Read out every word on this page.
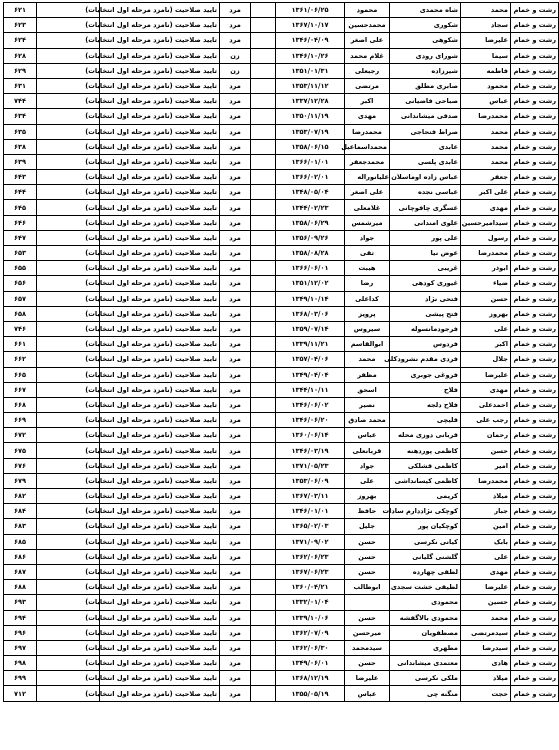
رشت و خمام	محمد	شاه محمدی	محمود	۱۳۶۱/۰۶/۲۵		مرد	تایید صلاحیت (نامزد مرحله اول انتخابات)		۶۲۱
رشت و خمام	سجاد	شکوری	محمدحسین	۱۳۶۷/۱۰/۱۷		مرد	تایید صلاحیت (نامزد مرحله اول انتخابات)		۶۲۳
رشت و خمام	علیرضا	شکوهی	علی اصغر	۱۳۴۶/۰۴/۰۹		مرد	تایید صلاحیت (نامزد مرحله اول انتخابات)		۶۲۴
رشت و خمام	سیما	شورای رودی	غلام محمد	۱۳۴۶/۱۰/۲۶		زن	تایید صلاحیت (نامزد مرحله اول انتخابات)		۶۲۸
رشت و خمام	فاطمه	شیرزاده	رجبعلی	۱۳۵۱/۰۱/۳۱		زن	تایید صلاحیت (نامزد مرحله اول انتخابات)		۶۲۹
رشت و خمام	محمود	صابری مطلق	مرتضی	۱۳۵۳/۱۱/۱۲		مرد	تایید صلاحیت (نامزد مرحله اول انتخابات)		۶۳۱
رشت و خمام	عباس	صباحی فاضیانی	اکبر	۱۳۳۷/۱۲/۲۸		مرد	تایید صلاحیت (نامزد مرحله اول انتخابات)		۷۴۴
رشت و خمام	محمدرضا	صدقی میشاندانی	مهدی	۱۳۵۰/۱۱/۱۹		مرد	تایید صلاحیت (نامزد مرحله اول انتخابات)		۶۳۴
رشت و خمام	محمد	صراط فتحاجی	محمدرضا	۱۳۵۳/۰۷/۱۹		مرد	تایید صلاحیت (نامزد مرحله اول انتخابات)		۶۳۵
رشت و خمام	محمد	عابدی	محمداسماعیل	۱۳۵۸/۰۶/۱۵		مرد	تایید صلاحیت (نامزد مرحله اول انتخابات)		۶۳۸
رشت و خمام	محمد	عابدی پلسی	محمدجعفر	۱۳۶۶/۰۱/۰۱		مرد	تایید صلاحیت (نامزد مرحله اول انتخابات)		۶۳۹
رشت و خمام	جعفر	عباس زاده اوماسلان علیا	نوراله	۱۳۶۶/۰۲/۰۱		مرد	تایید صلاحیت (نامزد مرحله اول انتخابات)		۶۴۳
رشت و خمام	علی اکبر	عباسی نجده	علی اصغر	۱۳۴۸/۰۵/۰۴		مرد	تایید صلاحیت (نامزد مرحله اول انتخابات)		۶۴۴
رشت و خمام	مهدی	عسگری چافوچانی	غلامعلی	۱۳۴۴/۰۲/۲۳		مرد	تایید صلاحیت (نامزد مرحله اول انتخابات)		۶۴۵
رشت و خمام	سیدامیرحسین	علوی امندانی	میرشمس	۱۳۵۸/۰۶/۲۹		مرد	تایید صلاحیت (نامزد مرحله اول انتخابات)		۶۴۶
رشت و خمام	رسول	علی پور	جواد	۱۳۵۶/۰۹/۲۶		مرد	تایید صلاحیت (نامزد مرحله اول انتخابات)		۶۴۷
رشت و خمام	محمدرضا	عوض نیا	تقی	۱۳۵۸/۰۸/۲۸		مرد	تایید صلاحیت (نامزد مرحله اول انتخابات)		۶۵۳
رشت و خمام	ابوذر	غریبی	هیبت	۱۳۶۶/۰۶/۰۱		مرد	تایید صلاحیت (نامزد مرحله اول انتخابات)		۶۵۵
رشت و خمام	ضیاء	غیوری کودهی	رضا	۱۳۵۱/۱۲/۰۲		مرد	تایید صلاحیت (نامزد مرحله اول انتخابات)		۶۵۶
رشت و خمام	حسن	فتحی نژاد	کداعلی	۱۳۴۹/۱۰/۱۴		مرد	تایید صلاحیت (نامزد مرحله اول انتخابات)		۶۵۷
رشت و خمام	بهروز	فتح پیشی	پرویز	۱۳۶۸/۰۳/۰۶		مرد	تایید صلاحیت (نامزد مرحله اول انتخابات)		۶۵۸
رشت و خمام	علی	فرجودمانسوله	سیروس	۱۳۵۹/۰۷/۱۴		مرد	تایید صلاحیت (نامزد مرحله اول انتخابات)		۷۴۶
رشت و خمام	اکبر	فردوس	ابوالقاسم	۱۳۳۹/۱۱/۲۱		مرد	تایید صلاحیت (نامزد مرحله اول انتخابات)		۶۶۱
رشت و خمام	جلال	فردی مقدم نشرودکلی	محمد	۱۳۵۷/۰۴/۰۶		مرد	تایید صلاحیت (نامزد مرحله اول انتخابات)		۶۶۲
رشت و خمام	علیرضا	فروغی جوبری	مظفر	۱۳۴۹/۰۴/۰۴		مرد	تایید صلاحیت (نامزد مرحله اول انتخابات)		۶۶۵
رشت و خمام	مهدی	فلاح	اسحق	۱۳۴۴/۱۰/۱۱		مرد	تایید صلاحیت (نامزد مرحله اول انتخابات)		۶۶۷
رشت و خمام	احمدعلی	فلاح دلجه	نصیر	۱۳۴۶/۰۶/۰۲		مرد	تایید صلاحیت (نامزد مرحله اول انتخابات)		۶۶۸
رشت و خمام	رجب علی	قلیچی	محمد صادق	۱۳۴۶/۰۶/۲۰		مرد	تایید صلاحیت (نامزد مرحله اول انتخابات)		۶۶۹
رشت و خمام	رحمان	قربانی دوزی محله	عباس	۱۳۶۰/۰۶/۱۴		مرد	تایید صلاحیت (نامزد مرحله اول انتخابات)		۶۷۲
رشت و خمام	حسن	کاظمی پوردهنه	قربانعلی	۱۳۴۶/۰۳/۱۹		مرد	تایید صلاحیت (نامزد مرحله اول انتخابات)		۶۷۵
رشت و خمام	امیر	کاظمی قشلکی	جواد	۱۳۷۱/۰۵/۲۳		مرد	تایید صلاحیت (نامزد مرحله اول انتخابات)		۶۷۶
رشت و خمام	محمدرضا	کاظمی کیسانداشی	علی	۱۳۵۳/۰۶/۰۹		مرد	تایید صلاحیت (نامزد مرحله اول انتخابات)		۶۷۹
رشت و خمام	میلاد	کریمی	بهروز	۱۳۶۷/۰۳/۱۱		مرد	تایید صلاحیت (نامزد مرحله اول انتخابات)		۶۸۲
رشت و خمام	جبار	کوچکی نژاددارم سادات	حافظ	۱۳۴۶/۰۱/۰۱		مرد	تایید صلاحیت (نامزد مرحله اول انتخابات)		۶۸۴
رشت و خمام	امین	کوچکیان پور	جلیل	۱۳۶۵/۰۲/۰۳		مرد	تایید صلاحیت (نامزد مرحله اول انتخابات)		۶۸۳
رشت و خمام	بابک	کیانی نکرسی	حسن	۱۳۷۱/۰۹/۰۲		مرد	تایید صلاحیت (نامزد مرحله اول انتخابات)		۶۸۵
رشت و خمام	علی	گلشنی گلیانی	حسن	۱۳۶۲/۰۶/۲۳		مرد	تایید صلاحیت (نامزد مرحله اول انتخابات)		۶۸۶
رشت و خمام	مهدی	لطفی چهارده	حسن	۱۳۶۷/۰۶/۲۳		مرد	تایید صلاحیت (نامزد مرحله اول انتخابات)		۶۸۷
رشت و خمام	علیرضا	لطیفی خشت سجدی	ابوطالب	۱۳۶۰/۰۴/۲۱		مرد	تایید صلاحیت (نامزد مرحله اول انتخابات)		۶۸۸
رشت و خمام	حسین	محمودی		۱۳۳۲/۰۱/۰۴		مرد	تایید صلاحیت (نامزد مرحله اول انتخابات)		۶۹۳
رشت و خمام	محمد	محمودی بالاگفشه	حسن	۱۳۳۹/۱۰/۰۶		مرد	تایید صلاحیت (نامزد مرحله اول انتخابات)		۶۹۴
رشت و خمام	سیدمرتضی	مصطفویان	میرحسن	۱۳۶۲/۰۷/۰۹		مرد	تایید صلاحیت (نامزد مرحله اول انتخابات)		۶۹۶
رشت و خمام	سیدرضا	مطهری	سیدمحمد	۱۳۶۲/۰۶/۳۰		مرد	تایید صلاحیت (نامزد مرحله اول انتخابات)		۶۹۷
رشت و خمام	هادی	معتمدی میشاندانی	حسن	۱۳۴۹/۰۶/۰۱		مرد	تایید صلاحیت (نامزد مرحله اول انتخابات)		۶۹۸
رشت و خمام	میلاد	ملکی نکرسی	علیرضا	۱۳۶۸/۱۲/۱۹		مرد	تایید صلاحیت (نامزد مرحله اول انتخابات)		۶۹۹
رشت و خمام	حجت	منگنه چی	عباس	۱۳۵۵/۰۵/۱۹		مرد	تایید صلاحیت (نامزد مرحله اول انتخابات)		۷۱۲
